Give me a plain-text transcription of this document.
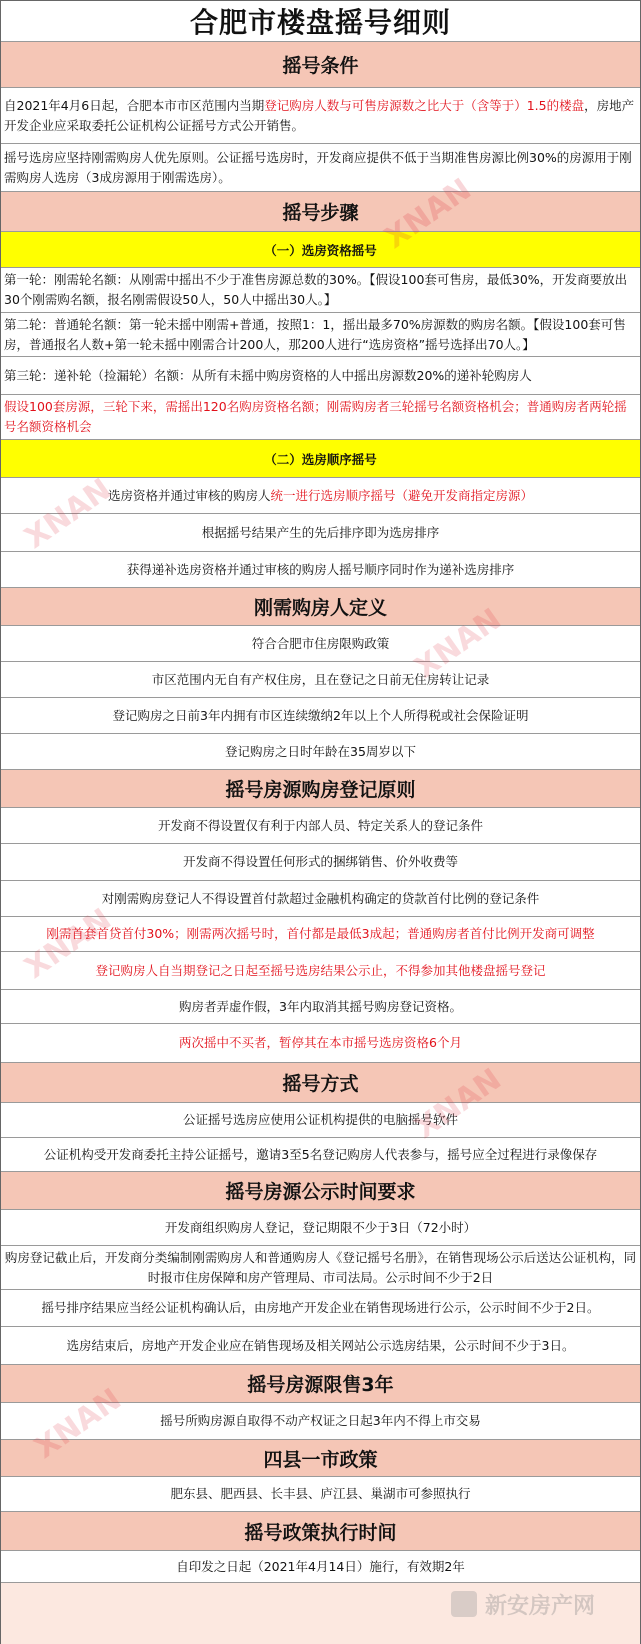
合肥市楼盘摇号细则
摇号条件
自2021年4月6日起，合肥本市市区范围内当期登记购房人数与可售房源数之比大于（含等于）1.5的楼盘，房地产开发企业应采取委托公证机构公证摇号方式公开销售。
摇号选房应坚持刚需购房人优先原则。公证摇号选房时，开发商应提供不低于当期准售房源比例30%的房源用于刚需购房人选房（3成房源用于刚需选房）。
摇号步骤
（一）选房资格摇号
第一轮：刚需轮名额：从刚需中摇出不少于准售房源总数的30%。【假设100套可售房，最低30%，开发商要放出30个刚需购名额，报名刚需假设50人，50人中摇出30人。】
第二轮：普通轮名额：第一轮未摇中刚需+普通，按照1：1，摇出最多70%房源数的购房名额。【假设100套可售房，普通报名人数+第一轮未摇中刚需合计200人，那200人进行“选房资格”摇号选择出70人。】
第三轮：递补轮（捡漏轮）名额：从所有未摇中购房资格的人中摇出房源数20%的递补轮购房人
假设100套房源，三轮下来，需摇出120名购房资格名额；刚需购房者三轮摇号名额资格机会；普通购房者两轮摇号名额资格机会
（二）选房顺序摇号
选房资格并通过审核的购房人统一进行选房顺序摇号（避免开发商指定房源）
根据摇号结果产生的先后排序即为选房排序
获得递补选房资格并通过审核的购房人摇号顺序同时作为递补选房排序
刚需购房人定义
符合合肥市住房限购政策
市区范围内无自有产权住房，且在登记之日前无住房转让记录
登记购房之日前3年内拥有市区连续缴纳2年以上个人所得税或社会保险证明
登记购房之日时年龄在35周岁以下
摇号房源购房登记原则
开发商不得设置仅有利于内部人员、特定关系人的登记条件
开发商不得设置任何形式的捆绑销售、价外收费等
对刚需购房登记人不得设置首付款超过金融机构确定的贷款首付比例的登记条件
刚需首套首贷首付30%；刚需两次摇号时，首付都是最低3成起；普通购房者首付比例开发商可调整
登记购房人自当期登记之日起至摇号选房结果公示止，不得参加其他楼盘摇号登记
购房者弄虚作假，3年内取消其摇号购房登记资格。
两次摇中不买者，暂停其在本市摇号选房资格6个月
摇号方式
公证摇号选房应使用公证机构提供的电脑摇号软件
公证机构受开发商委托主持公证摇号，邀请3至5名登记购房人代表参与，摇号应全过程进行录像保存
摇号房源公示时间要求
开发商组织购房人登记，登记期限不少于3日（72小时）
购房登记截止后，开发商分类编制刚需购房人和普通购房人《登记摇号名册》，在销售现场公示后送达公证机构，同时报市住房保障和房产管理局、市司法局。公示时间不少于2日
摇号排序结果应当经公证机构确认后，由房地产开发企业在销售现场进行公示，公示时间不少于2日。
选房结束后，房地产开发企业应在销售现场及相关网站公示选房结果，公示时间不少于3日。
摇号房源限售3年
摇号所购房源自取得不动产权证之日起3年内不得上市交易
四县一市政策
肥东县、肥西县、长丰县、庐江县、巢湖市可参照执行
摇号政策执行时间
自印发之日起（2021年4月14日）施行，有效期2年
新安房产网
